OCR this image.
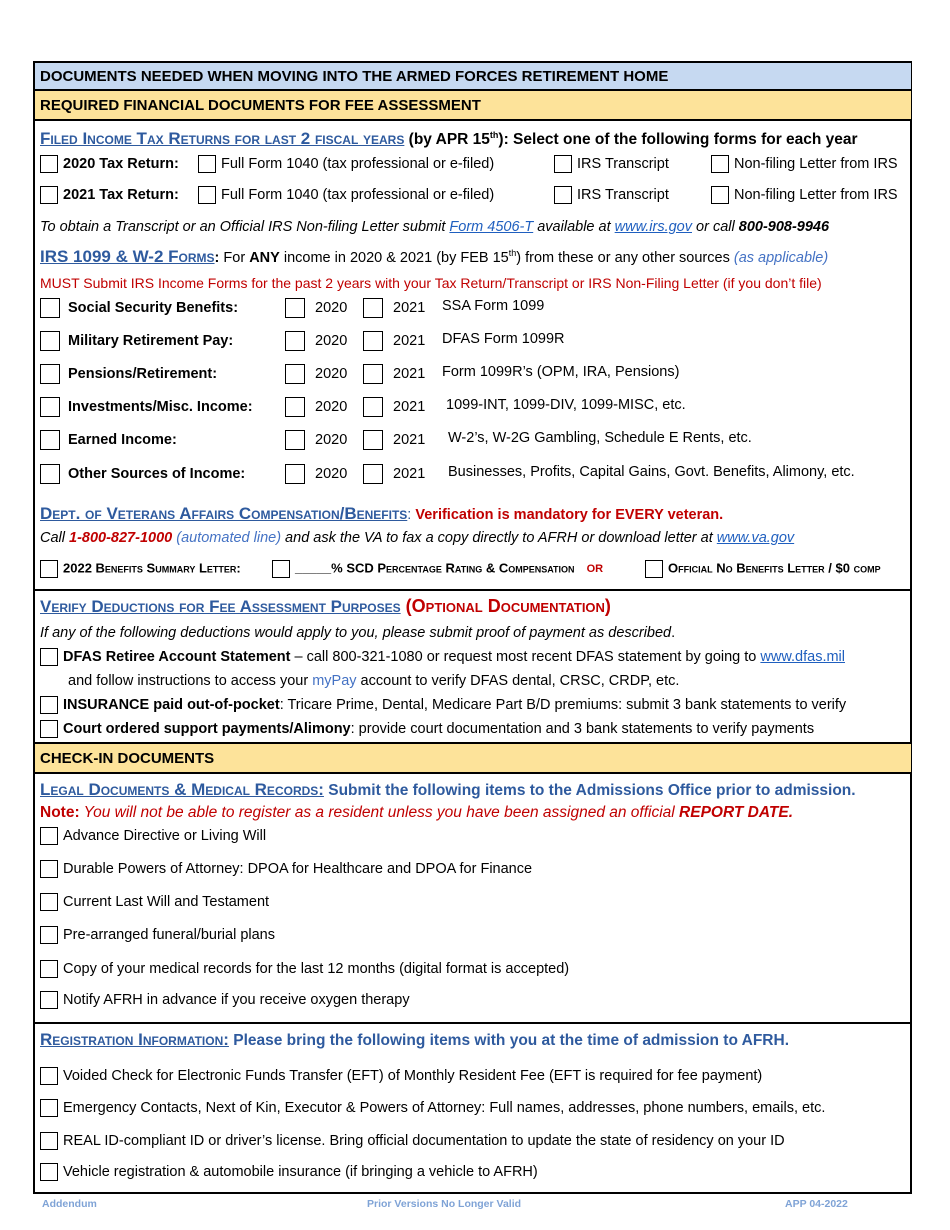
DOCUMENTS NEEDED WHEN MOVING INTO THE ARMED FORCES RETIREMENT HOME
REQUIRED FINANCIAL DOCUMENTS FOR FEE ASSESSMENT
Filed Income Tax Returns for last 2 fiscal years (by APR 15th): Select one of the following forms for each year
2020 Tax Return:	Full Form 1040 (tax professional or e-filed)	IRS Transcript	Non-filing Letter from IRS
2021 Tax Return:	Full Form 1040 (tax professional or e-filed)	IRS Transcript	Non-filing Letter from IRS
To obtain a Transcript or an Official IRS Non-filing Letter submit Form 4506-T available at www.irs.gov or call 800-908-9946
IRS 1099 & W-2 Forms: For ANY income in 2020 & 2021 (by FEB 15th) from these or any other sources (as applicable)
MUST Submit IRS Income Forms for the past 2 years with your Tax Return/Transcript or IRS Non-Filing Letter (if you don’t file)
Social Security Benefits:	2020	2021 SSA Form 1099
Military Retirement Pay:	2020	2021 DFAS Form 1099R
Pensions/Retirement:	2020	2021 Form 1099R’s (OPM, IRA, Pensions)
Investments/Misc. Income:	2020	2021 1099-INT, 1099-DIV, 1099-MISC, etc.
Earned Income:	2020	2021 W-2’s, W-2G Gambling, Schedule E Rents, etc.
Other Sources of Income:	2020	2021 Businesses, Profits, Capital Gains, Govt. Benefits, Alimony, etc.
Dept. of Veterans Affairs Compensation/Benefits: Verification is mandatory for EVERY veteran.
Call 1-800-827-1000 (automated line) and ask the VA to fax a copy directly to AFRH or download letter at www.va.gov
2022 Benefits Summary Letter:	_____% SCD Percentage Rating & Compensation OR	Official No Benefits Letter / $0 comp
Verify Deductions for Fee Assessment Purposes (Optional Documentation)
If any of the following deductions would apply to you, please submit proof of payment as described.
DFAS Retiree Account Statement – call 800-321-1080 or request most recent DFAS statement by going to www.dfas.mil
and follow instructions to access your myPay account to verify DFAS dental, CRSC, CRDP, etc.
INSURANCE paid out-of-pocket: Tricare Prime, Dental, Medicare Part B/D premiums: submit 3 bank statements to verify
Court ordered support payments/Alimony: provide court documentation and 3 bank statements to verify payments
CHECK-IN DOCUMENTS
Legal Documents & Medical Records: Submit the following items to the Admissions Office prior to admission.
Note: You will not be able to register as a resident unless you have been assigned an official REPORT DATE.
Advance Directive or Living Will
Durable Powers of Attorney: DPOA for Healthcare and DPOA for Finance
Current Last Will and Testament
Pre-arranged funeral/burial plans
Copy of your medical records for the last 12 months (digital format is accepted)
Notify AFRH in advance if you receive oxygen therapy
Registration Information: Please bring the following items with you at the time of admission to AFRH.
Voided Check for Electronic Funds Transfer (EFT) of Monthly Resident Fee (EFT is required for fee payment)
Emergency Contacts, Next of Kin, Executor & Powers of Attorney: Full names, addresses, phone numbers, emails, etc.
REAL ID-compliant ID or driver’s license. Bring official documentation to update the state of residency on your ID
Vehicle registration & automobile insurance (if bringing a vehicle to AFRH)
Addendum	Prior Versions No Longer Valid	APP 04-2022
